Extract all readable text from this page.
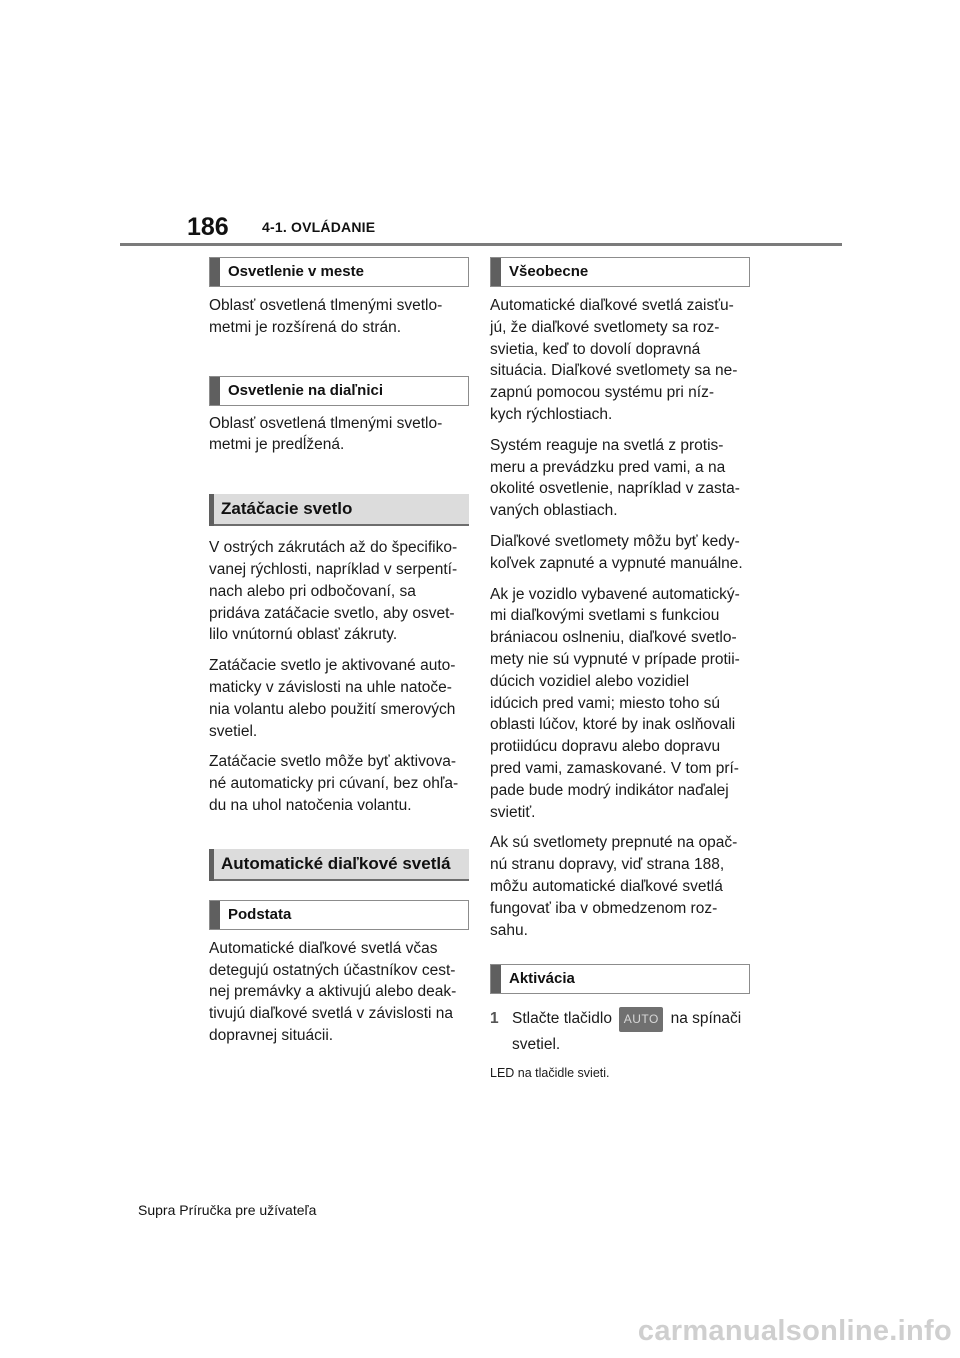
186 4-1. OVLÁDANIE
Osvetlenie v meste

Oblasť osvetlená tlmenými svetlo-
metmi je rozšírená do strán.

Osvetlenie na diaľnici

Oblasť osvetlená tlmenými svetlo-
metmi je predĺžená.

Zatáčacie svetlo

V ostrých zákrutách až do špecifiko-
vanej rýchlosti, napríklad v serpentí-
nach alebo pri odbočovaní, sa
pridáva zatáčacie svetlo, aby osvet-
lilo vnútornú oblasť zákruty.

Zatáčacie svetlo je aktivované auto-
maticky v závislosti na uhle natoče-
nia volantu alebo použití smerových
svetiel.

Zatáčacie svetlo môže byť aktivova-
né automaticky pri cúvaní, bez ohľa-
du na uhol natočenia volantu.

Automatické diaľkové svetlá
Podstata

Automatické diaľkové svetlá včas
detegujú ostatných účastníkov cest-
nej premávky a aktivujú alebo deak-
tivujú diaľkové svetlá v závislosti na
dopravnej situácii.

Všeobecne

Automatické diaľkové svetlá zaisťu-
jú, že diaľkové svetlomety sa roz-
svietia, keď to dovolí dopravná
situácia. Diaľkové svetlomety sa ne-
zapnú pomocou systému pri níz-
kych rýchlostiach.

Systém reaguje na svetlá z protis-
meru a prevádzku pred vami, a na
okolité osvetlenie, napríklad v zasta-
vaných oblastiach.

Diaľkové svetlomety môžu byť kedy-
koľvek zapnuté a vypnuté manuálne.

Ak je vozidlo vybavené automatický-
mi diaľkovými svetlami s funkciou
brániacou oslneniu, diaľkové svetlo-
mety nie sú vypnuté v prípade protii-
dúcich vozidiel alebo vozidiel
idúcich pred vami; miesto toho sú
oblasti lúčov, ktoré by inak oslňovali
protiidúcu dopravu alebo dopravu
pred vami, zamaskované. V tom prí-
pade bude modrý indikátor naďalej
svietiť.

Ak sú svetlomety prepnuté na opač-
nú stranu dopravy, viď strana 188,
môžu automatické diaľkové svetlá
fungovať iba v obmedzenom roz-
sahu.

Aktivácia
1 Stlačte tlačidlo AUTO na spínači
svetiel.
LED na tlačidle svieti.
Supra Príručka pre užívateľa
carmanualsonline.info
